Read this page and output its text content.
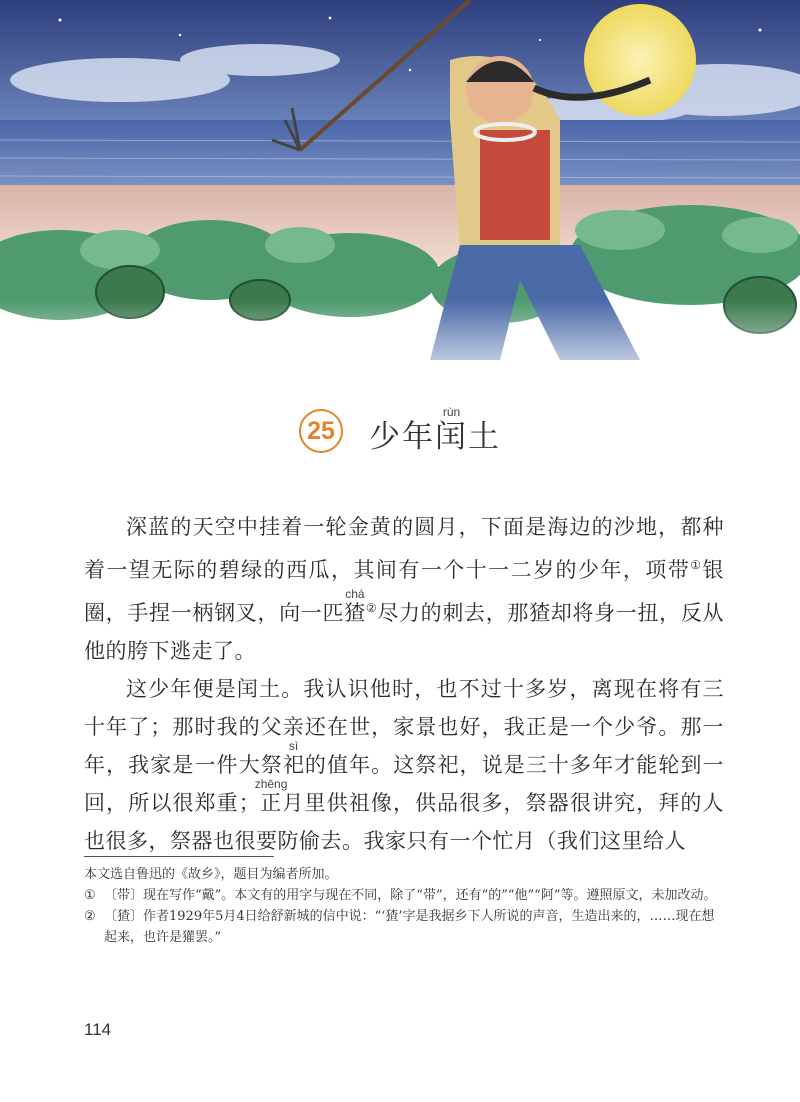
25 少年闰rùn土

深蓝的天空中挂着一轮金黄的圆月，下面是海边的沙地，都种着一望无际的碧绿的西瓜，其间有一个十一二岁的少年，项带①银圈，手捏一柄钢叉，向一匹猹chá②尽力的刺去，那猹却将身一扭，反从他的胯下逃走了。

这少年便是闰土。我认识他时，也不过十多岁，离现在将有三十年了；那时我的父亲还在世，家景也好，我正是一个少爷。那一年，我家是一件大祭祀sì的值年。这祭祀，说是三十多年才能轮到一回，所以很郑重；正zhēng月里供祖像，供品很多，祭器很讲究，拜的人也很多，祭器也很要防偷去。我家只有一个忙月（我们这里给人

本文选自鲁迅的《故乡》，题目为编者所加。
① 〔带〕现在写作“戴”。本文有的用字与现在不同，除了“带”，还有“的”“他”“阿”等。遵照原文，未加改动。
② 〔猹〕作者1929年5月4日给舒新城的信中说：“‘猹’字是我据乡下人所说的声音，生造出来的，……现在想起来，也许是獾罢。”
114
